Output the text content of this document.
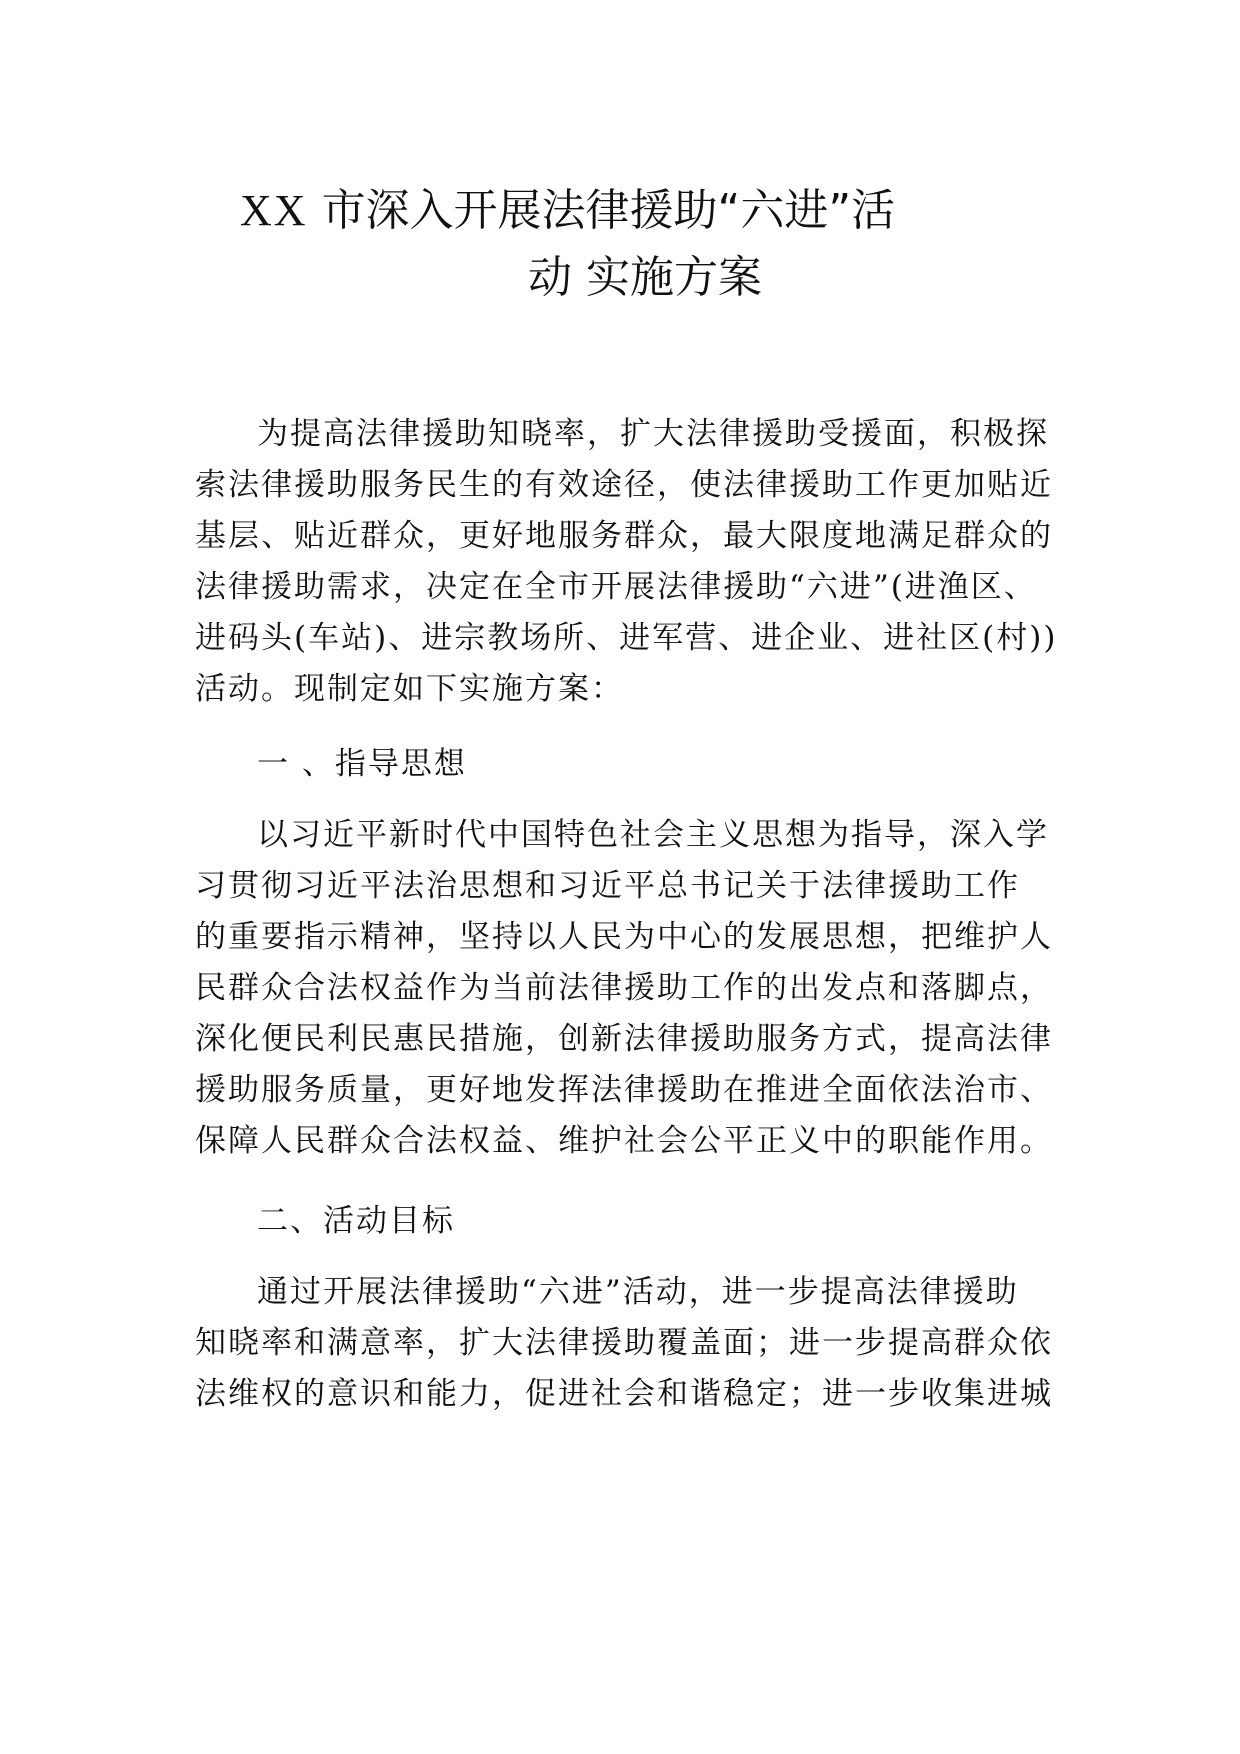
XX 市深入开展法律援助“六进”活
动 实施方案
为提高法律援助知晓率，扩大法律援助受援面，积极探
索法律援助服务民生的有效途径，使法律援助工作更加贴近
基层、贴近群众，更好地服务群众，最大限度地满足群众的
法律援助需求，决定在全市开展法律援助“六进”(进渔区、
进码头(车站)、进宗教场所、进军营、进企业、进社区(村))
活动。现制定如下实施方案：
一 、指导思想
以习近平新时代中国特色社会主义思想为指导，深入学
习贯彻习近平法治思想和习近平总书记关于法律援助工作
的重要指示精神，坚持以人民为中心的发展思想，把维护人
民群众合法权益作为当前法律援助工作的出发点和落脚点，
深化便民利民惠民措施，创新法律援助服务方式，提高法律
援助服务质量，更好地发挥法律援助在推进全面依法治市、
保障人民群众合法权益、维护社会公平正义中的职能作用。
二、活动目标
通过开展法律援助“六进”活动，进一步提高法律援助
知晓率和满意率，扩大法律援助覆盖面；进一步提高群众依
法维权的意识和能力，促进社会和谐稳定；进一步收集进城
